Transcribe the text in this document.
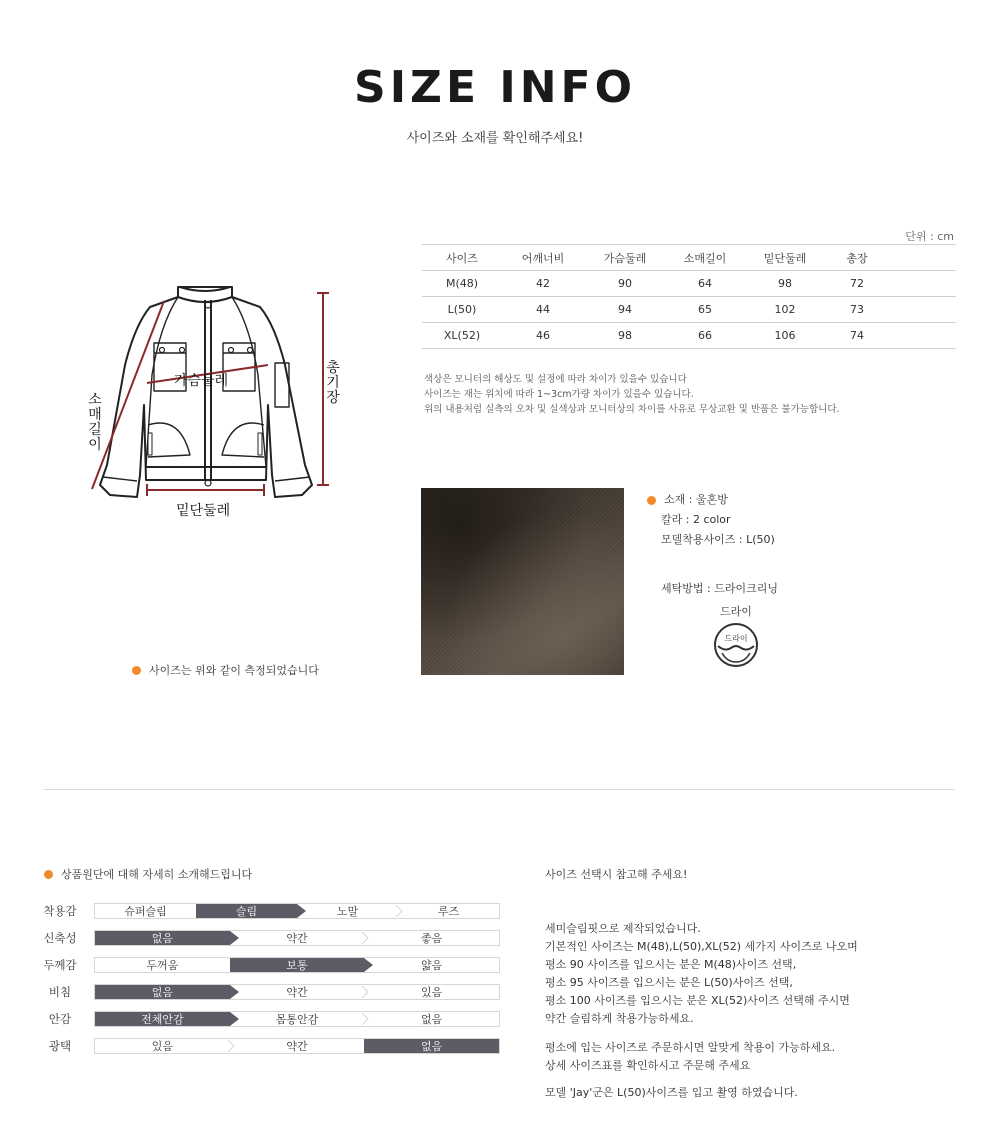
SIZE INFO
사이즈와 소재를 확인해주세요!
가슴둘레
밑단둘레
총기장
소매길이
사이즈는 위와 같이 측정되었습니다
단위 : cm
사이즈	어깨너비	가슴둘레	소매길이	밑단둘레	총장	
M(48)	42	90	64	98	72	
L(50)	44	94	65	102	73	
XL(52)	46	98	66	106	74	
색상은 모니터의 해상도 및 설정에 따라 차이가 있을수 있습니다
사이즈는 재는 위치에 따라 1~3cm가량 차이가 있을수 있습니다.
위의 내용처럼 실측의 오차 및 실색상과 모니터상의 차이를 사유로 무상교환 및 반품은 불가능합니다.
소재 : 울혼방
칼라 : 2 color
모델착용사이즈 : L(50)
세탁방법 : 드라이크리닝
드라이
드라이
상품원단에 대해 자세히 소개해드립니다
착용감	슈퍼슬림	슬림	노말	루즈
신축성	없음	약간	좋음
두께감	두꺼움	보통	얇음
비침	없음	약간	있음
안감	전체안감	몸통안감	없음
광택	있음	약간	없음
사이즈 선택시 참고해 주세요!
세미슬림핏으로 제작되었습니다.
기본적인 사이즈는 M(48),L(50),XL(52) 세가지 사이즈로 나오며
평소 90 사이즈를 입으시는 분은 M(48)사이즈 선택,
평소 95 사이즈를 입으시는 분은 L(50)사이즈 선택,
평소 100 사이즈를 입으시는 분은 XL(52)사이즈 선택해 주시면
약간 슬림하게 착용가능하세요.
평소에 입는 사이즈로 주문하시면 알맞게 착용이 가능하세요.
상세 사이즈표를 확인하시고 주문해 주세요
모델 'Jay'군은 L(50)사이즈를 입고 촬영 하였습니다.
